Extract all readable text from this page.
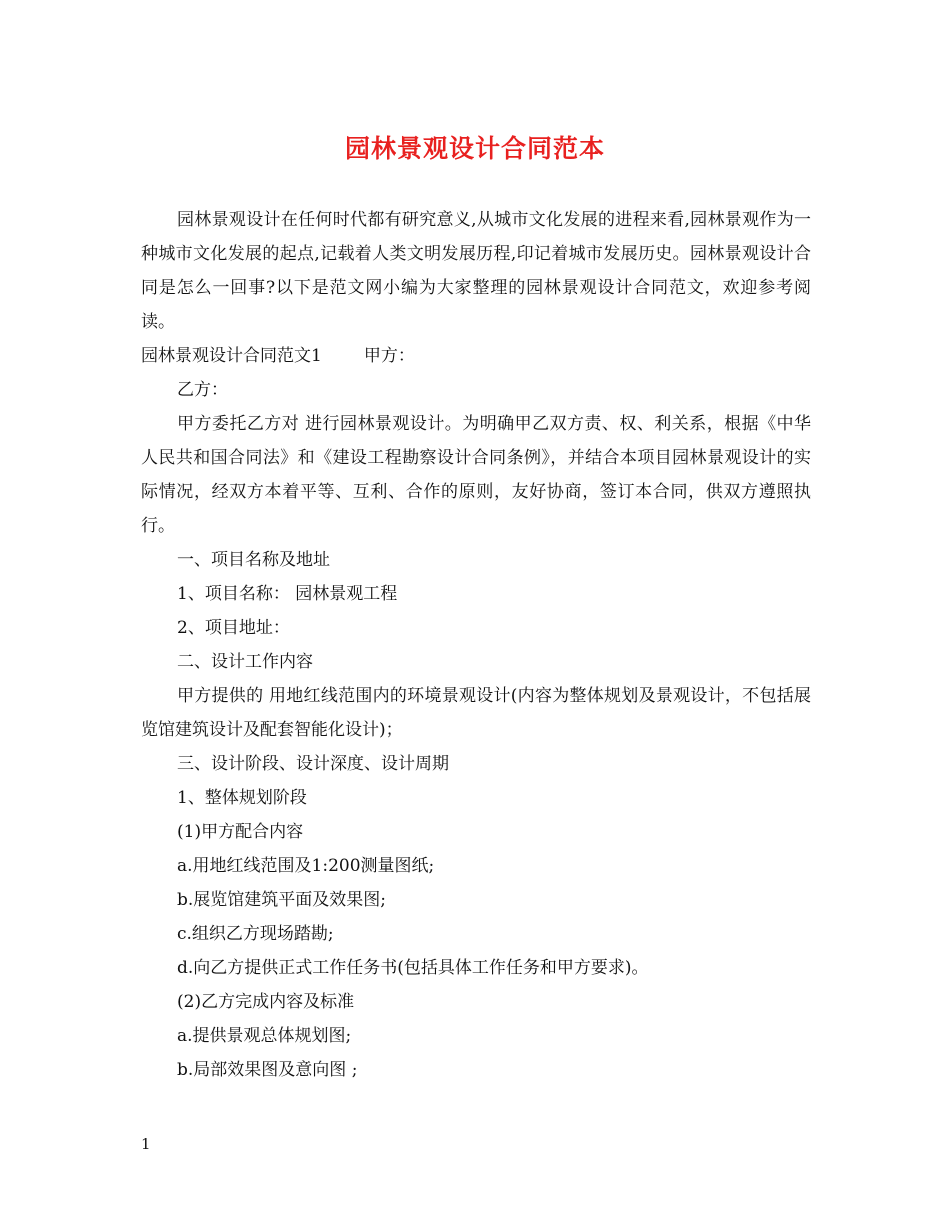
园林景观设计合同范本

园林景观设计在任何时代都有研究意义,从城市文化发展的进程来看,园林景观作为一种城市文化发展的起点,记载着人类文明发展历程,印记着城市发展历史。园林景观设计合同是怎么一回事?以下是范文网小编为大家整理的园林景观设计合同范文，欢迎参考阅读。

园林景观设计合同范文1 甲方：

乙方：

甲方委托乙方对 进行园林景观设计。为明确甲乙双方责、权、利关系，根据《中华人民共和国合同法》和《建设工程勘察设计合同条例》，并结合本项目园林景观设计的实际情况，经双方本着平等、互利、合作的原则，友好协商，签订本合同，供双方遵照执行。

一、项目名称及地址

1、项目名称： 园林景观工程

2、项目地址：

二、设计工作内容

甲方提供的 用地红线范围内的环境景观设计(内容为整体规划及景观设计，不包括展览馆建筑设计及配套智能化设计)；

三、设计阶段、设计深度、设计周期

1、整体规划阶段

(1)甲方配合内容

a.用地红线范围及1:200测量图纸;

b.展览馆建筑平面及效果图;

c.组织乙方现场踏勘;

d.向乙方提供正式工作任务书(包括具体工作任务和甲方要求)。

(2)乙方完成内容及标准

a.提供景观总体规划图;

b.局部效果图及意向图 ;

1
